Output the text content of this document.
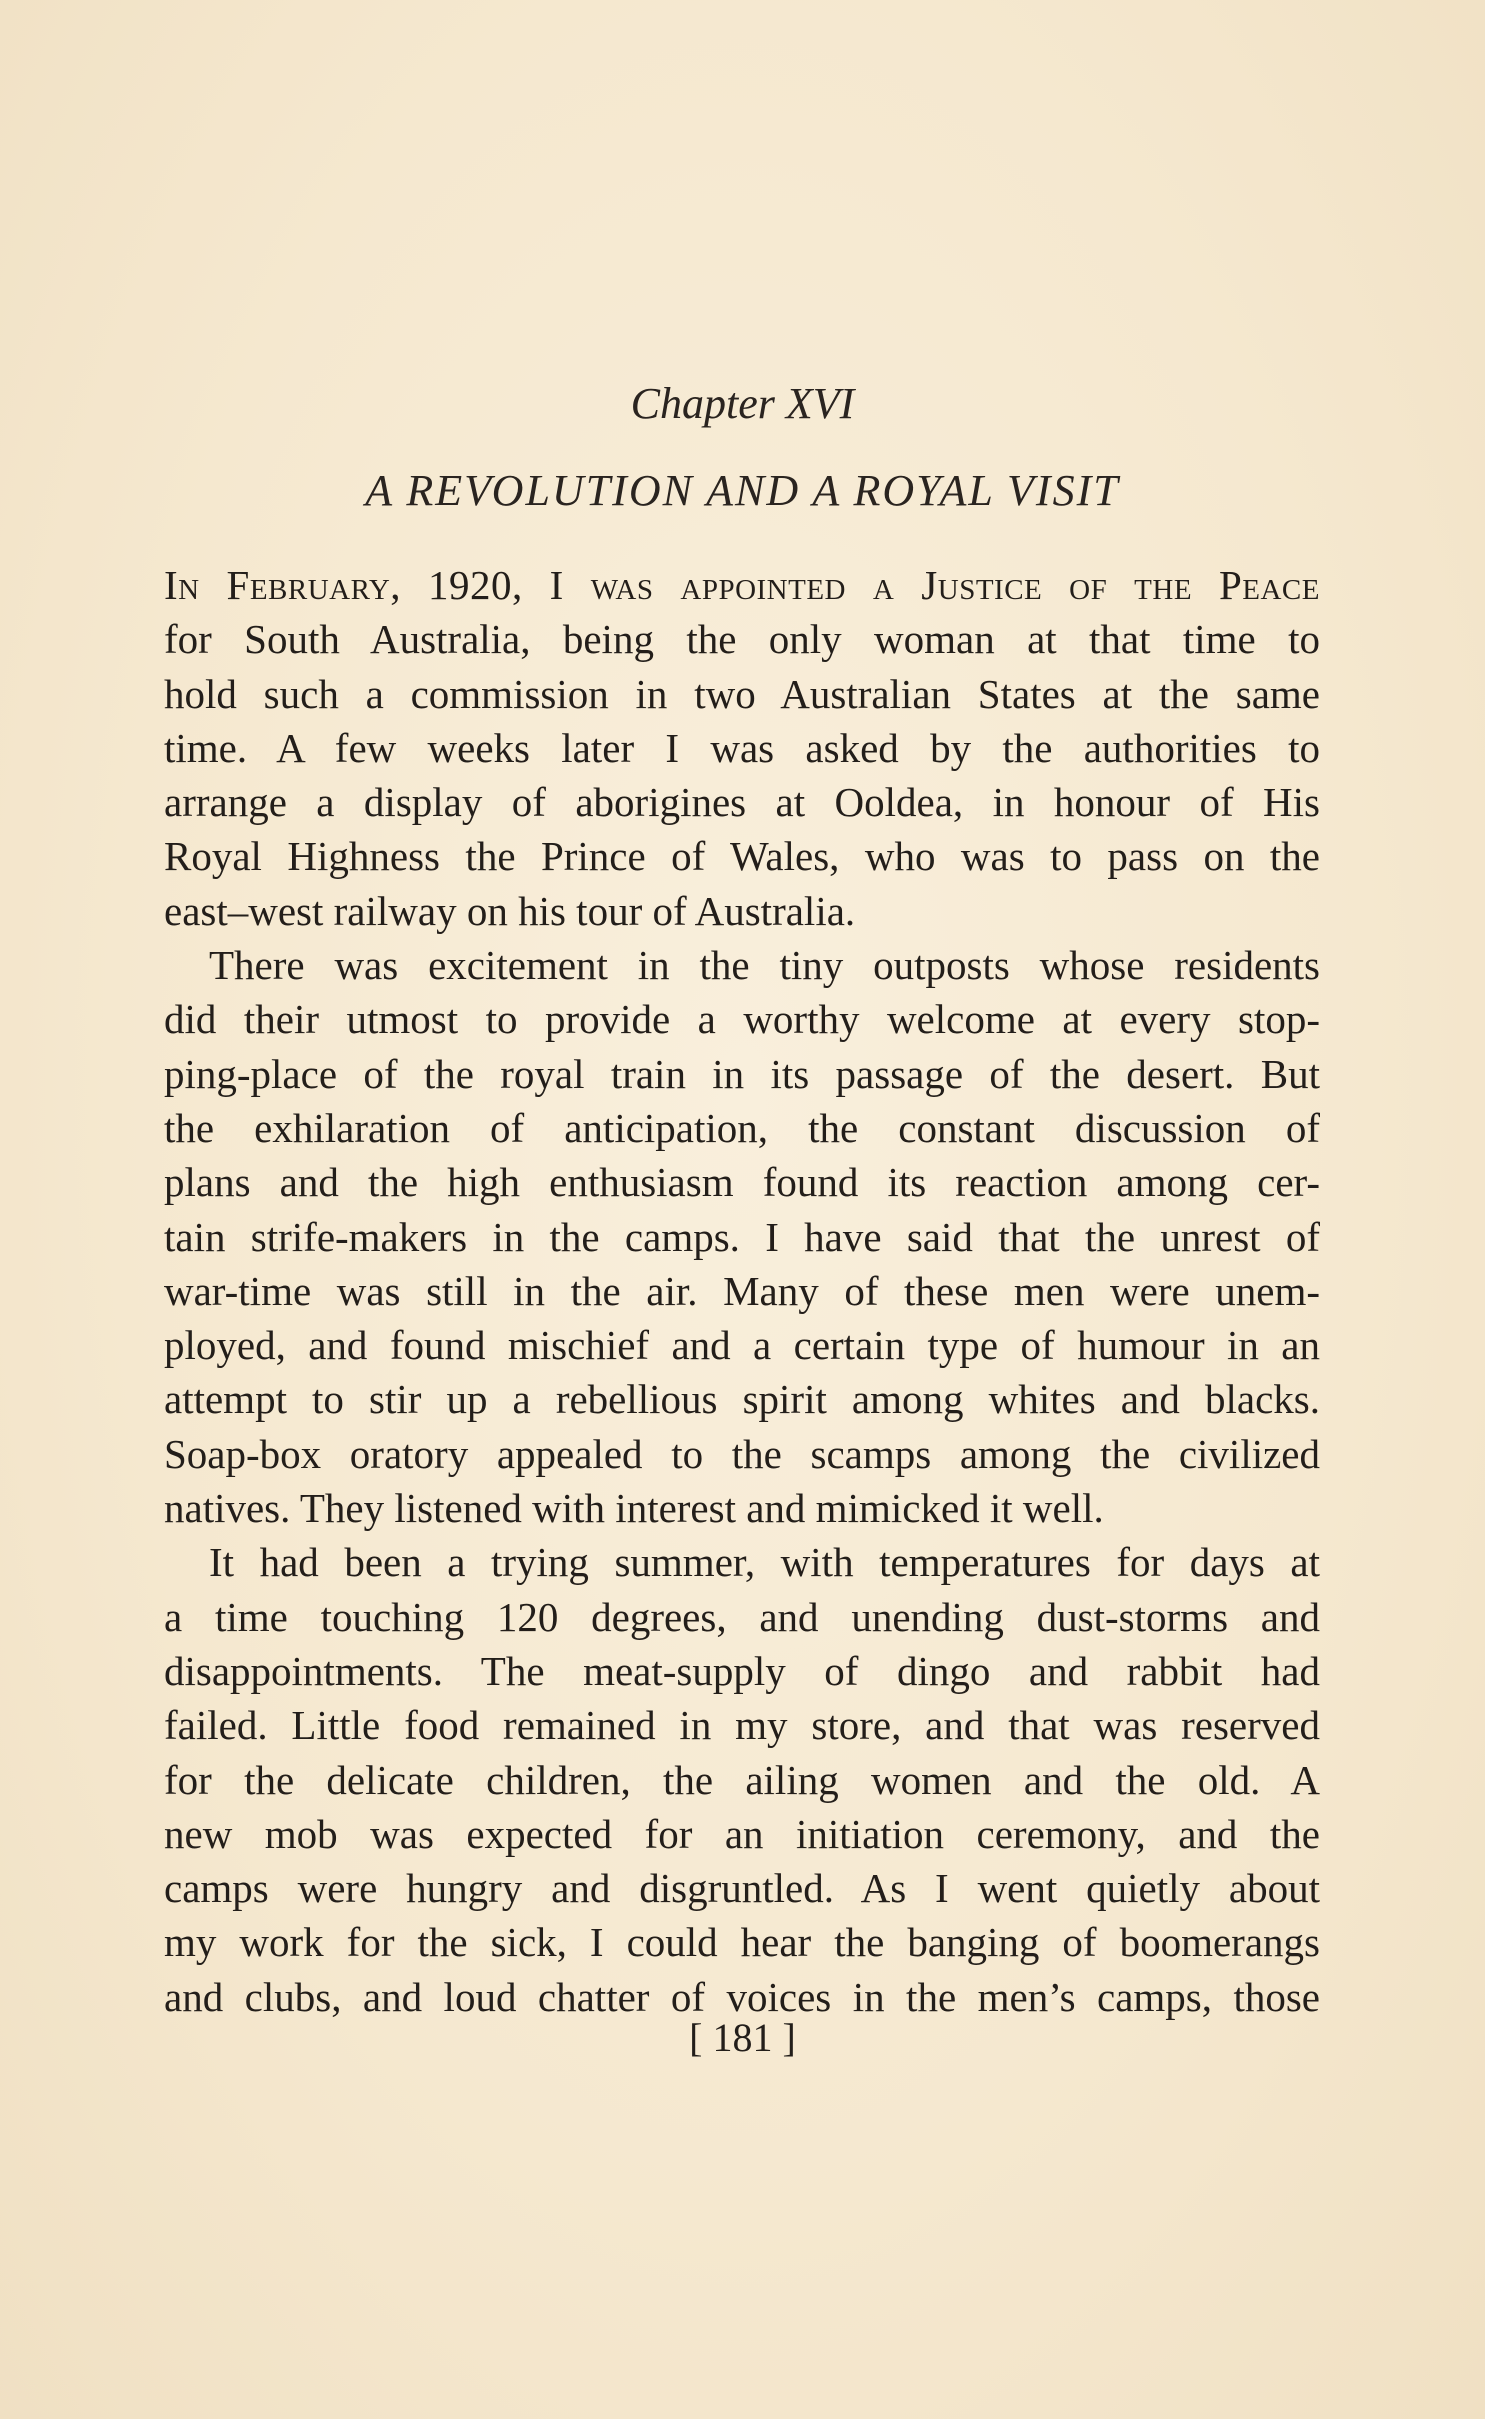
Chapter XVI
A REVOLUTION AND A ROYAL VISIT
In February, 1920, I was appointed a Justice of the Peace
for South Australia, being the only woman at that time to
hold such a commission in two Australian States at the same
time. A few weeks later I was asked by the authorities to
arrange a display of aborigines at Ooldea, in honour of His
Royal Highness the Prince of Wales, who was to pass on the
east–west railway on his tour of Australia.
There was excitement in the tiny outposts whose residents
did their utmost to provide a worthy welcome at every stop-
ping-place of the royal train in its passage of the desert. But
the exhilaration of anticipation, the constant discussion of
plans and the high enthusiasm found its reaction among cer-
tain strife-makers in the camps. I have said that the unrest of
war-time was still in the air. Many of these men were unem-
ployed, and found mischief and a certain type of humour in an
attempt to stir up a rebellious spirit among whites and blacks.
Soap-box oratory appealed to the scamps among the civilized
natives. They listened with interest and mimicked it well.
It had been a trying summer, with temperatures for days at
a time touching 120 degrees, and unending dust-storms and
disappointments. The meat-supply of dingo and rabbit had
failed. Little food remained in my store, and that was reserved
for the delicate children, the ailing women and the old. A
new mob was expected for an initiation ceremony, and the
camps were hungry and disgruntled. As I went quietly about
my work for the sick, I could hear the banging of boomerangs
and clubs, and loud chatter of voices in the men’s camps, those
[ 181 ]
